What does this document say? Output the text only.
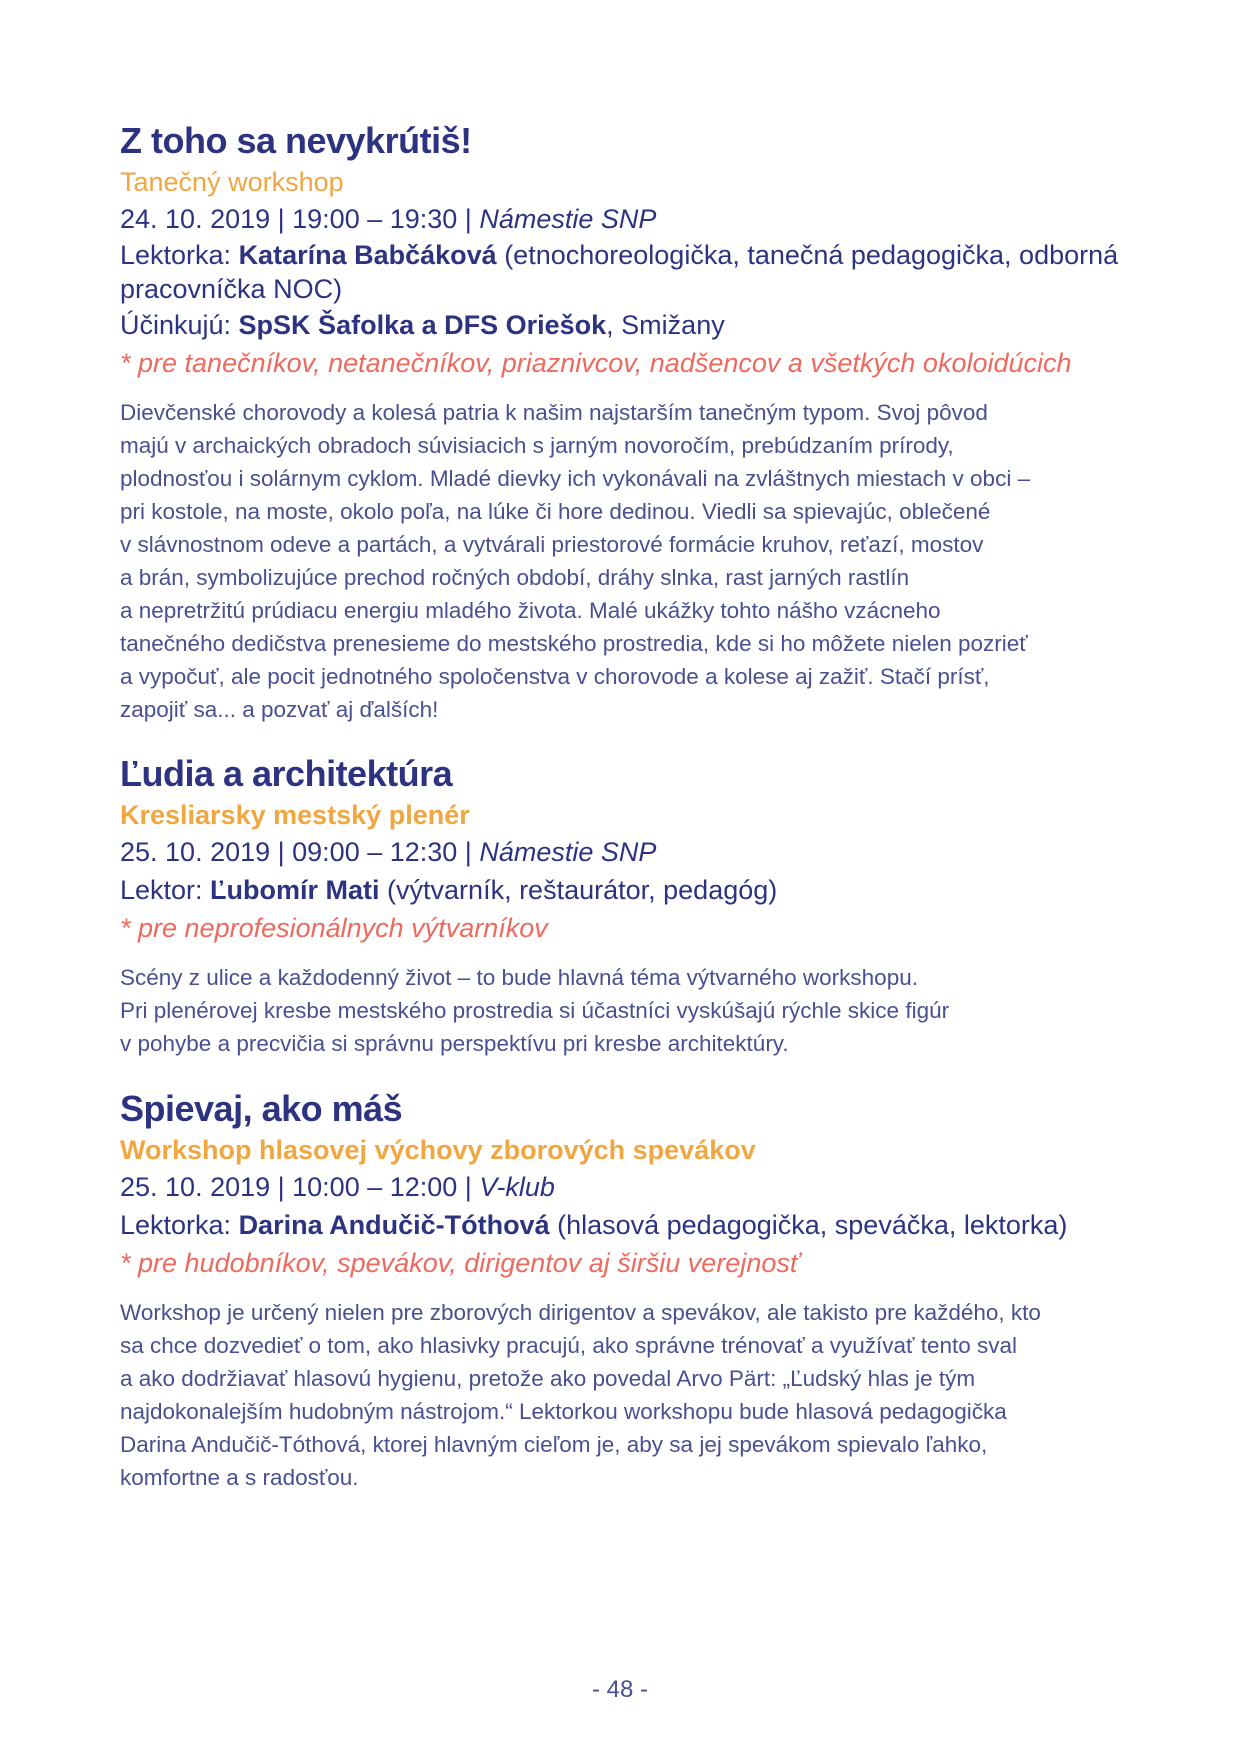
Z toho sa nevykrútiš!
Tanečný workshop
24. 10. 2019 | 19:00 – 19:30 | Námestie SNP
Lektorka: Katarína Babčáková (etnochoreologička, tanečná pedagogička, odborná pracovníčka NOC)
Účinkujú: SpSK Šafolka a DFS Oriešok, Smižany
* pre tanečníkov, netanečníkov, priaznivcov, nadšencov a všetkých okoloidúcich
Dievčenské chorovody a kolesá patria k našim najstarším tanečným typom. Svoj pôvod
majú v archaických obradoch súvisiacich s jarným novoročím, prebúdzaním prírody,
plodnosťou i solárnym cyklom. Mladé dievky ich vykonávali na zvláštnych miestach v obci –
pri kostole, na moste, okolo poľa, na lúke či hore dedinou. Viedli sa spievajúc, oblečené
v slávnostnom odeve a partách, a vytvárali priestorové formácie kruhov, reťazí, mostov
a brán, symbolizujúce prechod ročných období, dráhy slnka, rast jarných rastlín
a nepretržitú prúdiacu energiu mladého života. Malé ukážky tohto nášho vzácneho
tanečného dedičstva prenesieme do mestského prostredia, kde si ho môžete nielen pozrieť
a vypočuť, ale pocit jednotného spoločenstva v chorovode a kolese aj zažiť. Stačí prísť,
zapojiť sa... a pozvať aj ďalších!
Ľudia a architektúra
Kresliarsky mestský plenér
25. 10. 2019 | 09:00 – 12:30 | Námestie SNP
Lektor: Ľubomír Mati (výtvarník, reštaurátor, pedagóg)
* pre neprofesionálnych výtvarníkov
Scény z ulice a každodenný život – to bude hlavná téma výtvarného workshopu.
Pri plenérovej kresbe mestského prostredia si účastníci vyskúšajú rýchle skice figúr
v pohybe a precvičia si správnu perspektívu pri kresbe architektúry.
Spievaj, ako máš
Workshop hlasovej výchovy zborových spevákov
25. 10. 2019 | 10:00 – 12:00 | V-klub
Lektorka: Darina Andučič-Tóthová (hlasová pedagogička, speváčka, lektorka)
* pre hudobníkov, spevákov, dirigentov aj širšiu verejnosť
Workshop je určený nielen pre zborových dirigentov a spevákov, ale takisto pre každého, kto
sa chce dozvedieť o tom, ako hlasivky pracujú, ako správne trénovať a využívať tento sval
a ako dodržiavať hlasovú hygienu, pretože ako povedal Arvo Pärt: „Ľudský hlas je tým
najdokonalejším hudobným nástrojom.“ Lektorkou workshopu bude hlasová pedagogička
Darina Andučič-Tóthová, ktorej hlavným cieľom je, aby sa jej spevákom spievalo ľahko,
komfortne a s radosťou.
- 48 -
